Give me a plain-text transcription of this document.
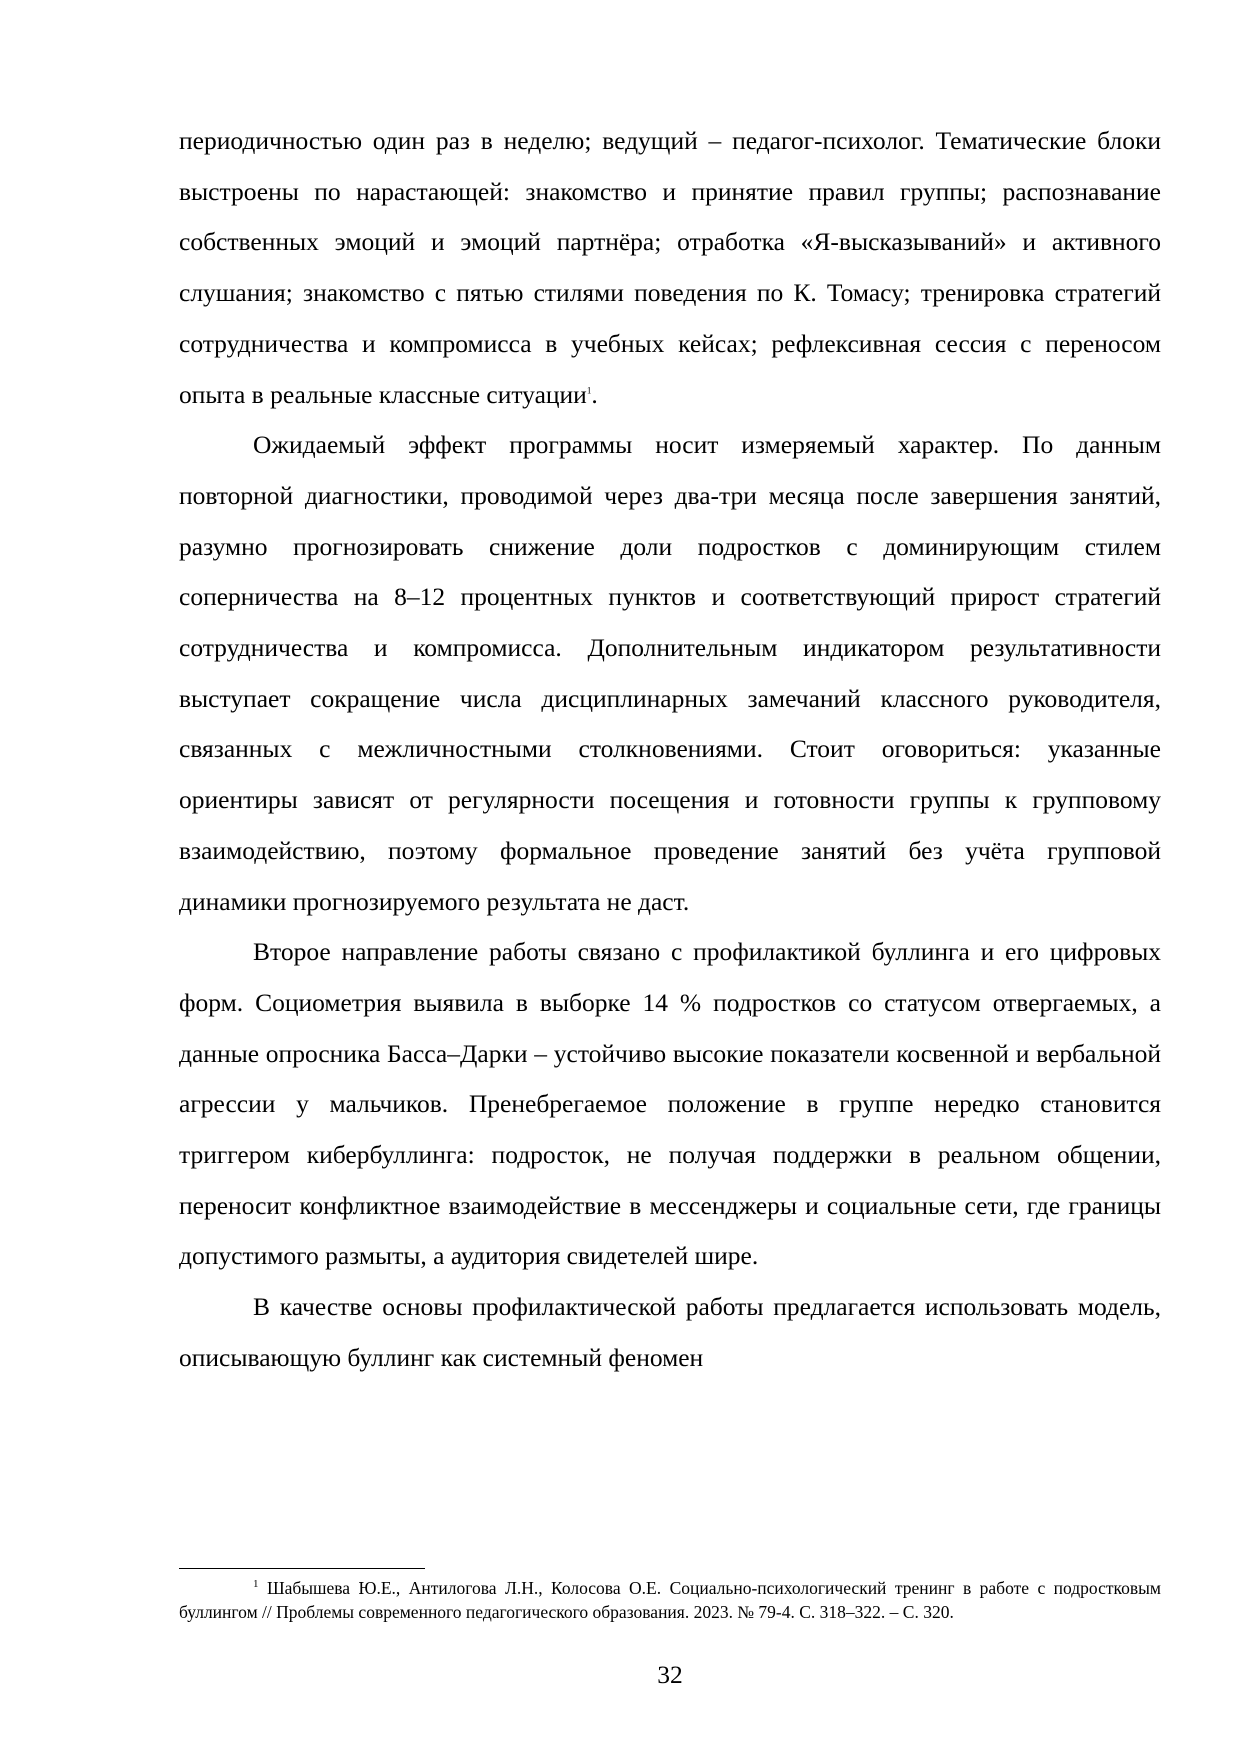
периодичностью один раз в неделю; ведущий – педагог-психолог. Тематические блоки выстроены по нарастающей: знакомство и принятие правил группы; распознавание собственных эмоций и эмоций партнёра; отработка «Я-высказываний» и активного слушания; знакомство с пятью стилями поведения по К. Томасу; тренировка стратегий сотрудничества и компромисса в учебных кейсах; рефлексивная сессия с переносом опыта в реальные классные ситуации$^1$.

Ожидаемый эффект программы носит измеряемый характер. По данным повторной диагностики, проводимой через два-три месяца после завершения занятий, разумно прогнозировать снижение доли подростков с доминирующим стилем соперничества на 8–12 процентных пунктов и соответствующий прирост стратегий сотрудничества и компромисса. Дополнительным индикатором результативности выступает сокращение числа дисциплинарных замечаний классного руководителя, связанных с межличностными столкновениями. Стоит оговориться: указанные ориентиры зависят от регулярности посещения и готовности группы к групповому взаимодействию, поэтому формальное проведение занятий без учёта групповой динамики прогнозируемого результата не даст.

Второе направление работы связано с профилактикой буллинга и его цифровых форм. Социометрия выявила в выборке 14 % подростков со статусом отвергаемых, а данные опросника Басса–Дарки – устойчиво высокие показатели косвенной и вербальной агрессии у мальчиков. Пренебрегаемое положение в группе нередко становится триггером кибербуллинга: подросток, не получая поддержки в реальном общении, переносит конфликтное взаимодействие в мессенджеры и социальные сети, где границы допустимого размыты, а аудитория свидетелей шире.

В качестве основы профилактической работы предлагается использовать модель, описывающую буллинг как системный феномен

$^1$ Шабышева Ю.Е., Антилогова Л.Н., Колосова О.Е. Социально-психологический тренинг в работе с подростковым буллингом // Проблемы современного педагогического образования. 2023. № 79-4. С. 318–322. – С. 320.

32
